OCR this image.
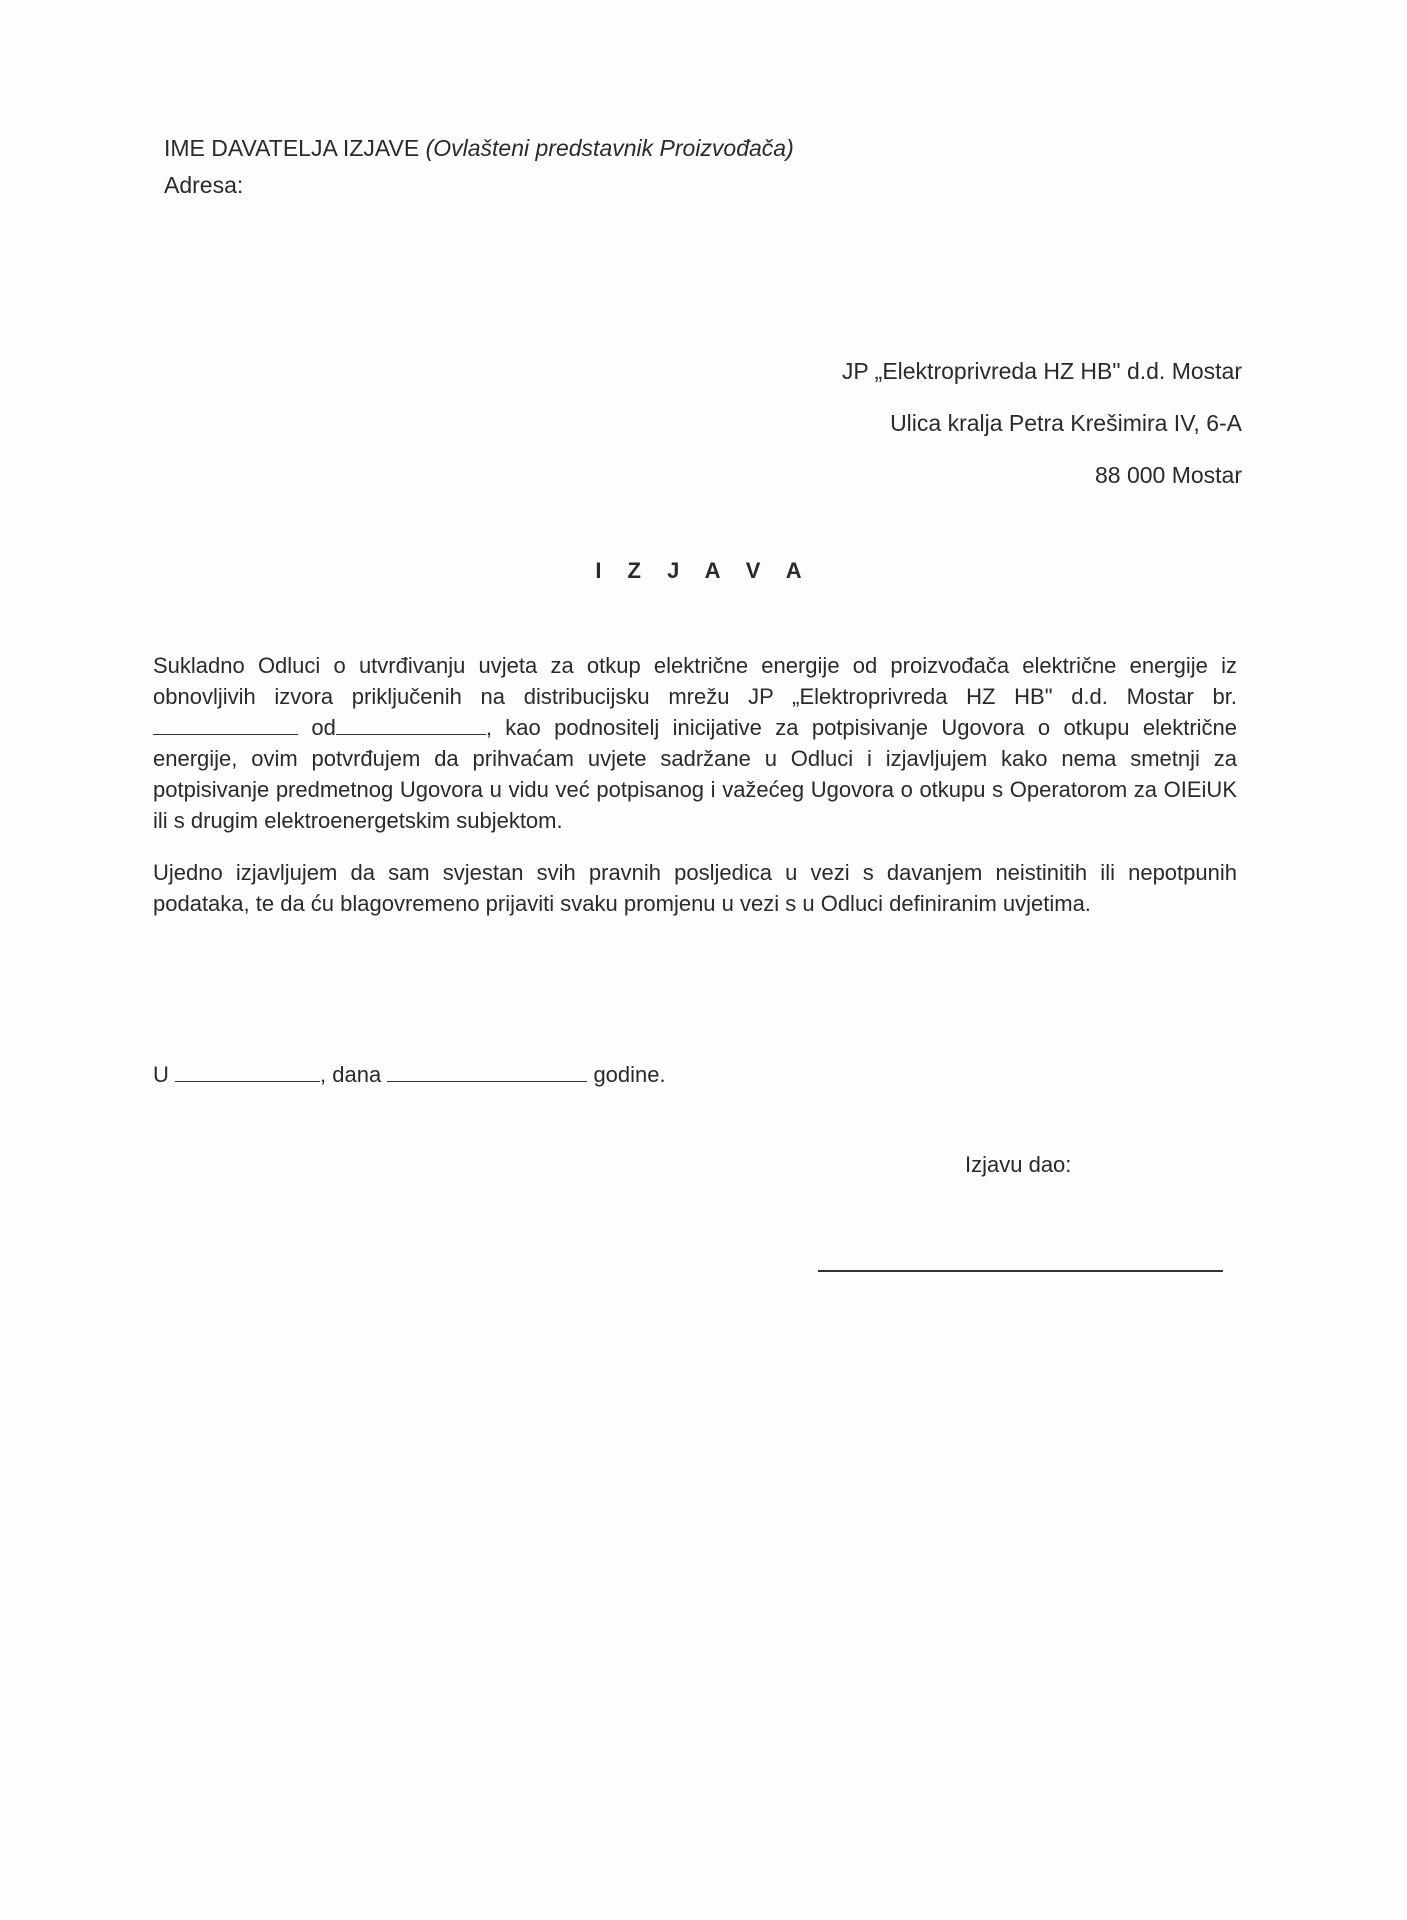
IME DAVATELJA IZJAVE (Ovlašteni predstavnik Proizvođača)
Adresa:
JP „Elektroprivreda HZ HB" d.d. Mostar
Ulica kralja Petra Krešimira IV, 6-A
88 000 Mostar
I Z J A V A

Sukladno Odluci o utvrđivanju uvjeta za otkup električne energije od proizvođača električne energije iz obnovljivih izvora priključenih na distribucijsku mrežu JP „Elektroprivreda HZ HB" d.d. Mostar br.  od	, kao podnositelj inicijative za potpisivanje Ugovora o otkupu električne energije, ovim potvrđujem da prihvaćam uvjete sadržane u Odluci i izjavljujem kako nema smetnji za potpisivanje predmetnog Ugovora u vidu već potpisanog i važećeg Ugovora o otkupu s Operatorom za OIEiUK ili s drugim elektroenergetskim subjektom.

Ujedno izjavljujem da sam svjestan svih pravnih posljedica u vezi s davanjem neistinitih ili nepotpunih podataka, te da ću blagovremeno prijaviti svaku promjenu u vezi s u Odluci definiranim uvjetima.

U	, dana	godine.
Izjavu dao:
